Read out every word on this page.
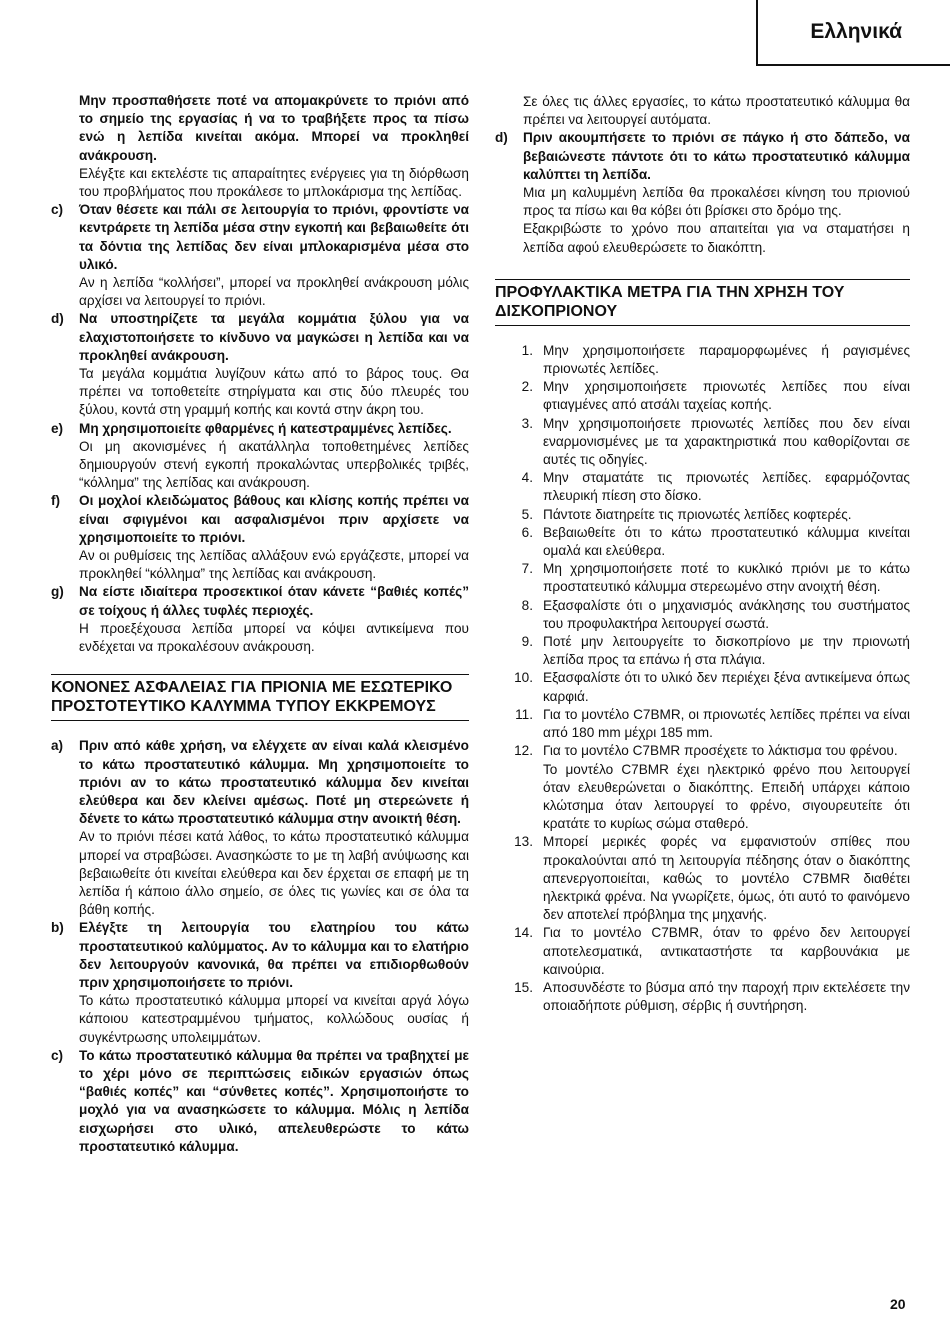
Ελληνικά
Μην προσπαθήσετε ποτέ να απομακρύνετε το πριόνι από το σημείο της εργασίας ή να το τραβήξετε προς τα πίσω ενώ η λεπίδα κινείται ακόμα. Μπορεί να προκληθεί ανάκρουση.
Ελέγξτε και εκτελέστε τις απαραίτητες ενέργειες για τη διόρθωση του προβλήματος που προκάλεσε το μπλοκάρισμα της λεπίδας.
c)	Όταν θέσετε και πάλι σε λειτουργία το πριόνι, φροντίστε να κεντράρετε τη λεπίδα μέσα στην εγκοπή και βεβαιωθείτε ότι τα δόντια της λεπίδας δεν είναι μπλοκαρισμένα μέσα στο υλικό.
Αν η λεπίδα “κολλήσει”, μπορεί να προκληθεί ανάκρουση μόλις αρχίσει να λειτουργεί το πριόνι.
d)	Να υποστηρίζετε τα μεγάλα κομμάτια ξύλου για να ελαχιστοποιήσετε το κίνδυνο να μαγκώσει η λεπίδα και να προκληθεί ανάκρουση.
Τα μεγάλα κομμάτια λυγίζουν κάτω από το βάρος τους. Θα πρέπει να τοποθετείτε στηρίγματα και στις δύο πλευρές του ξύλου, κοντά στη γραμμή κοπής και κοντά στην άκρη του.
e)	Μη χρησιμοποιείτε φθαρμένες ή κατεστραμμένες λεπίδες.
Οι μη ακονισμένες ή ακατάλληλα τοποθετημένες λεπίδες δημιουργούν στενή εγκοπή προκαλώντας υπερβολικές τριβές, “κόλλημα” της λεπίδας και ανάκρουση.
f)	Οι μοχλοί κλειδώματος βάθους και κλίσης κοπής πρέπει να είναι σφιγμένοι και ασφαλισμένοι πριν αρχίσετε να χρησιμοποιείτε το πριόνι.
Αν οι ρυθμίσεις της λεπίδας αλλάξουν ενώ εργάζεστε, μπορεί να προκληθεί “κόλλημα” της λεπίδας και ανάκρουση.
g)	Να είστε ιδιαίτερα προσεκτικοί όταν κάνετε “βαθιές κοπές” σε τοίχους ή άλλες τυφλές περιοχές.
Η προεξέχουσα λεπίδα μπορεί να κόψει αντικείμενα που ενδέχεται να προκαλέσουν ανάκρουση.
ΚΟΝΟΝΕΣ ΑΣΦΑΛΕΙΑΣ ΓΙΑ ΠΡΙΟΝΙΑ ΜΕ ΕΣΩΤΕΡΙΚΟ ΠΡΟΣΤΟΤΕΥΤΙΚΟ ΚΑΛΥΜΜΑ ΤΥΠΟΥ ΕΚΚΡΕΜΟΥΣ
a)	Πριν από κάθε χρήση, να ελέγχετε αν είναι καλά κλεισμένο το κάτω προστατευτικό κάλυμμα. Μη χρησιμοποιείτε το πριόνι αν το κάτω προστατευτικό κάλυμμα δεν κινείται ελεύθερα και δεν κλείνει αμέσως. Ποτέ μη στερεώνετε ή δένετε το κάτω προστατευτικό κάλυμμα στην ανοικτή θέση.
Αν το πριόνι πέσει κατά λάθος, το κάτω προστατευτικό κάλυμμα μπορεί να στραβώσει. Ανασηκώστε το με τη λαβή ανύψωσης και βεβαιωθείτε ότι κινείται ελεύθερα και δεν έρχεται σε επαφή με τη λεπίδα ή κάποιο άλλο σημείο, σε όλες τις γωνίες και σε όλα τα βάθη κοπής.
b)	Ελέγξτε τη λειτουργία του ελατηρίου του κάτω προστατευτικού καλύμματος. Αν το κάλυμμα και το ελατήριο δεν λειτουργούν κανονικά, θα πρέπει να επιδιορθωθούν πριν χρησιμοποιήσετε το πριόνι.
Το κάτω προστατευτικό κάλυμμα μπορεί να κινείται αργά λόγω κάποιου κατεστραμμένου τμήματος, κολλώδους ουσίας ή συγκέντρωσης υπολειμμάτων.
c)	Το κάτω προστατευτικό κάλυμμα θα πρέπει να τραβηχτεί με το χέρι μόνο σε περιπτώσεις ειδικών εργασιών όπως “βαθιές κοπές” και “σύνθετες κοπές”. Χρησιμοποιήστε το μοχλό για να ανασηκώσετε το κάλυμμα. Μόλις η λεπίδα εισχωρήσει στο υλικό, απελευθερώστε το κάτω προστατευτικό κάλυμμα.
Σε όλες τις άλλες εργασίες, το κάτω προστατευτικό κάλυμμα θα πρέπει να λειτουργεί αυτόματα.
d)	Πριν ακουμπήσετε το πριόνι σε πάγκο ή στο δάπεδο, να βεβαιώνεστε πάντοτε ότι το κάτω προστατευτικό κάλυμμα καλύπτει τη λεπίδα.
Μια μη καλυμμένη λεπίδα θα προκαλέσει κίνηση του πριονιού προς τα πίσω και θα κόβει ότι βρίσκει στο δρόμο της.
Εξακριβώστε το χρόνο που απαιτείται για να σταματήσει η λεπίδα αφού ελευθερώσετε το διακόπτη.
ΠΡΟΦΥΛΑΚΤΙΚΑ ΜΕΤΡΑ ΓΙΑ ΤΗΝ ΧΡΗΣΗ ΤΟΥ ΔΙΣΚΟΠΡΙΟΝΟΥ
1. Μην χρησιμοποιήσετε παραμορφωμένες ή ραγισμένες πριονωτές λεπίδες.
2. Μην χρησιμοποιήσετε πριονωτές λεπίδες που είναι φτιαγμένες από ατσάλι ταχείας κοπής.
3. Μην χρησιμοποιήσετε πριονωτές λεπίδες που δεν είναι εναρμονισμένες με τα χαρακτηριστικά που καθορίζονται σε αυτές τις οδηγίες.
4. Μην σταματάτε τις πριονωτές λεπίδες. εφαρμόζοντας πλευρική πίεση στο δίσκο.
5. Πάντοτε διατηρείτε τις πριονωτές λεπίδες κοφτερές.
6. Βεβαιωθείτε ότι το κάτω προστατευτικό κάλυμμα κινείται ομαλά και ελεύθερα.
7. Μη χρησιμοποιήσετε ποτέ το κυκλικό πριόνι με το κάτω προστατευτικό κάλυμμα στερεωμένο στην ανοιχτή θέση.
8. Εξασφαλίστε ότι ο μηχανισμός ανάκλησης του συστήματος του προφυλακτήρα λειτουργεί σωστά.
9. Ποτέ μην λειτουργείτε το δισκοπρίονο με την πριονωτή λεπίδα προς τα επάνω ή στα πλάγια.
10. Εξασφαλίστε ότι το υλικό δεν περιέχει ξένα αντικείμενα όπως καρφιά.
11. Για το μοντέλο C7BMR, οι πριονωτές λεπίδες πρέπει να είναι από 180 mm μέχρι 185 mm.
12. Για το μοντέλο C7BMR προσέχετε το λάκτισμα του φρένου.
Το μοντέλο C7BMR έχει ηλεκτρικό φρένο που λειτουργεί όταν ελευθερώνεται ο διακόπτης. Επειδή υπάρχει κάποιο κλώτσημα όταν λειτουργεί το φρένο, σιγουρευτείτε ότι κρατάτε το κυρίως σώμα σταθερό.
13. Μπορεί μερικές φορές να εμφανιστούν σπίθες που προκαλούνται από τη λειτουργία πέδησης όταν ο διακόπτης απενεργοποιείται, καθώς το μοντέλο C7BMR διαθέτει ηλεκτρικά φρένα. Να γνωρίζετε, όμως, ότι αυτό το φαινόμενο δεν αποτελεί πρόβλημα της μηχανής.
14. Για το μοντέλο C7BMR, όταν το φρένο δεν λειτουργεί αποτελεσματικά, αντικαταστήστε τα καρβουνάκια με καινούρια.
15. Αποσυνδέστε το βύσμα από την παροχή πριν εκτελέσετε την οποιαδήποτε ρύθμιση, σέρβις ή συντήρηση.
20
